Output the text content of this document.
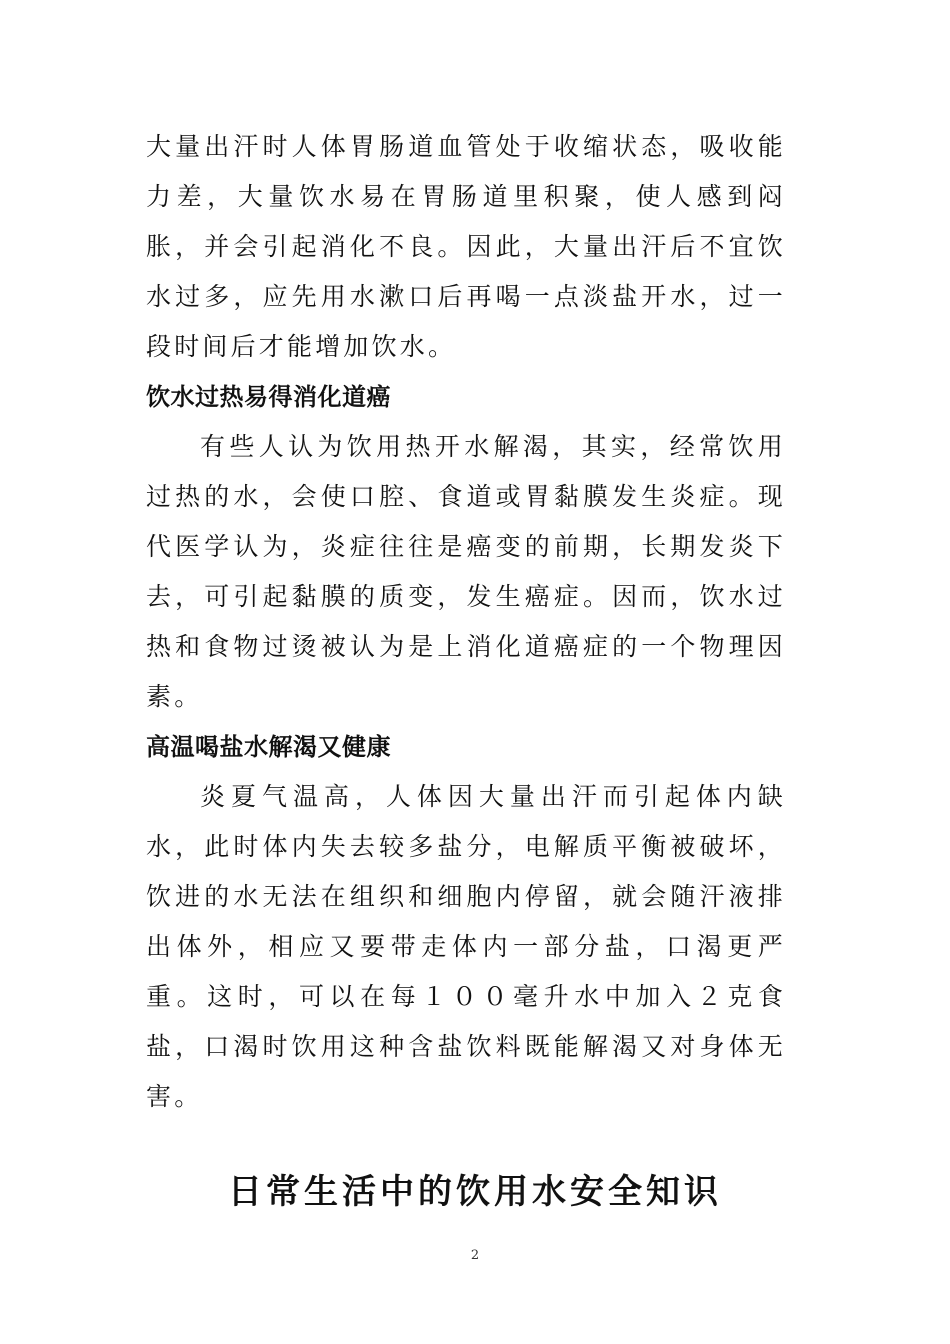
大量出汗时人体胃肠道血管处于收缩状态，吸收能力差，大量饮水易在胃肠道里积聚，使人感到闷胀，并会引起消化不良。因此，大量出汗后不宜饮水过多，应先用水漱口后再喝一点淡盐开水，过一段时间后才能增加饮水。

饮水过热易得消化道癌

有些人认为饮用热开水解渴，其实，经常饮用过热的水，会使口腔、食道或胃黏膜发生炎症。现代医学认为，炎症往往是癌变的前期，长期发炎下去，可引起黏膜的质变，发生癌症。因而，饮水过热和食物过烫被认为是上消化道癌症的一个物理因素。

高温喝盐水解渴又健康

炎夏气温高，人体因大量出汗而引起体内缺水，此时体内失去较多盐分，电解质平衡被破坏，饮进的水无法在组织和细胞内停留，就会随汗液排出体外，相应又要带走体内一部分盐，口渴更严重。这时，可以在每１００毫升水中加入２克食盐，口渴时饮用这种含盐饮料既能解渴又对身体无害。

日常生活中的饮用水安全知识
2
